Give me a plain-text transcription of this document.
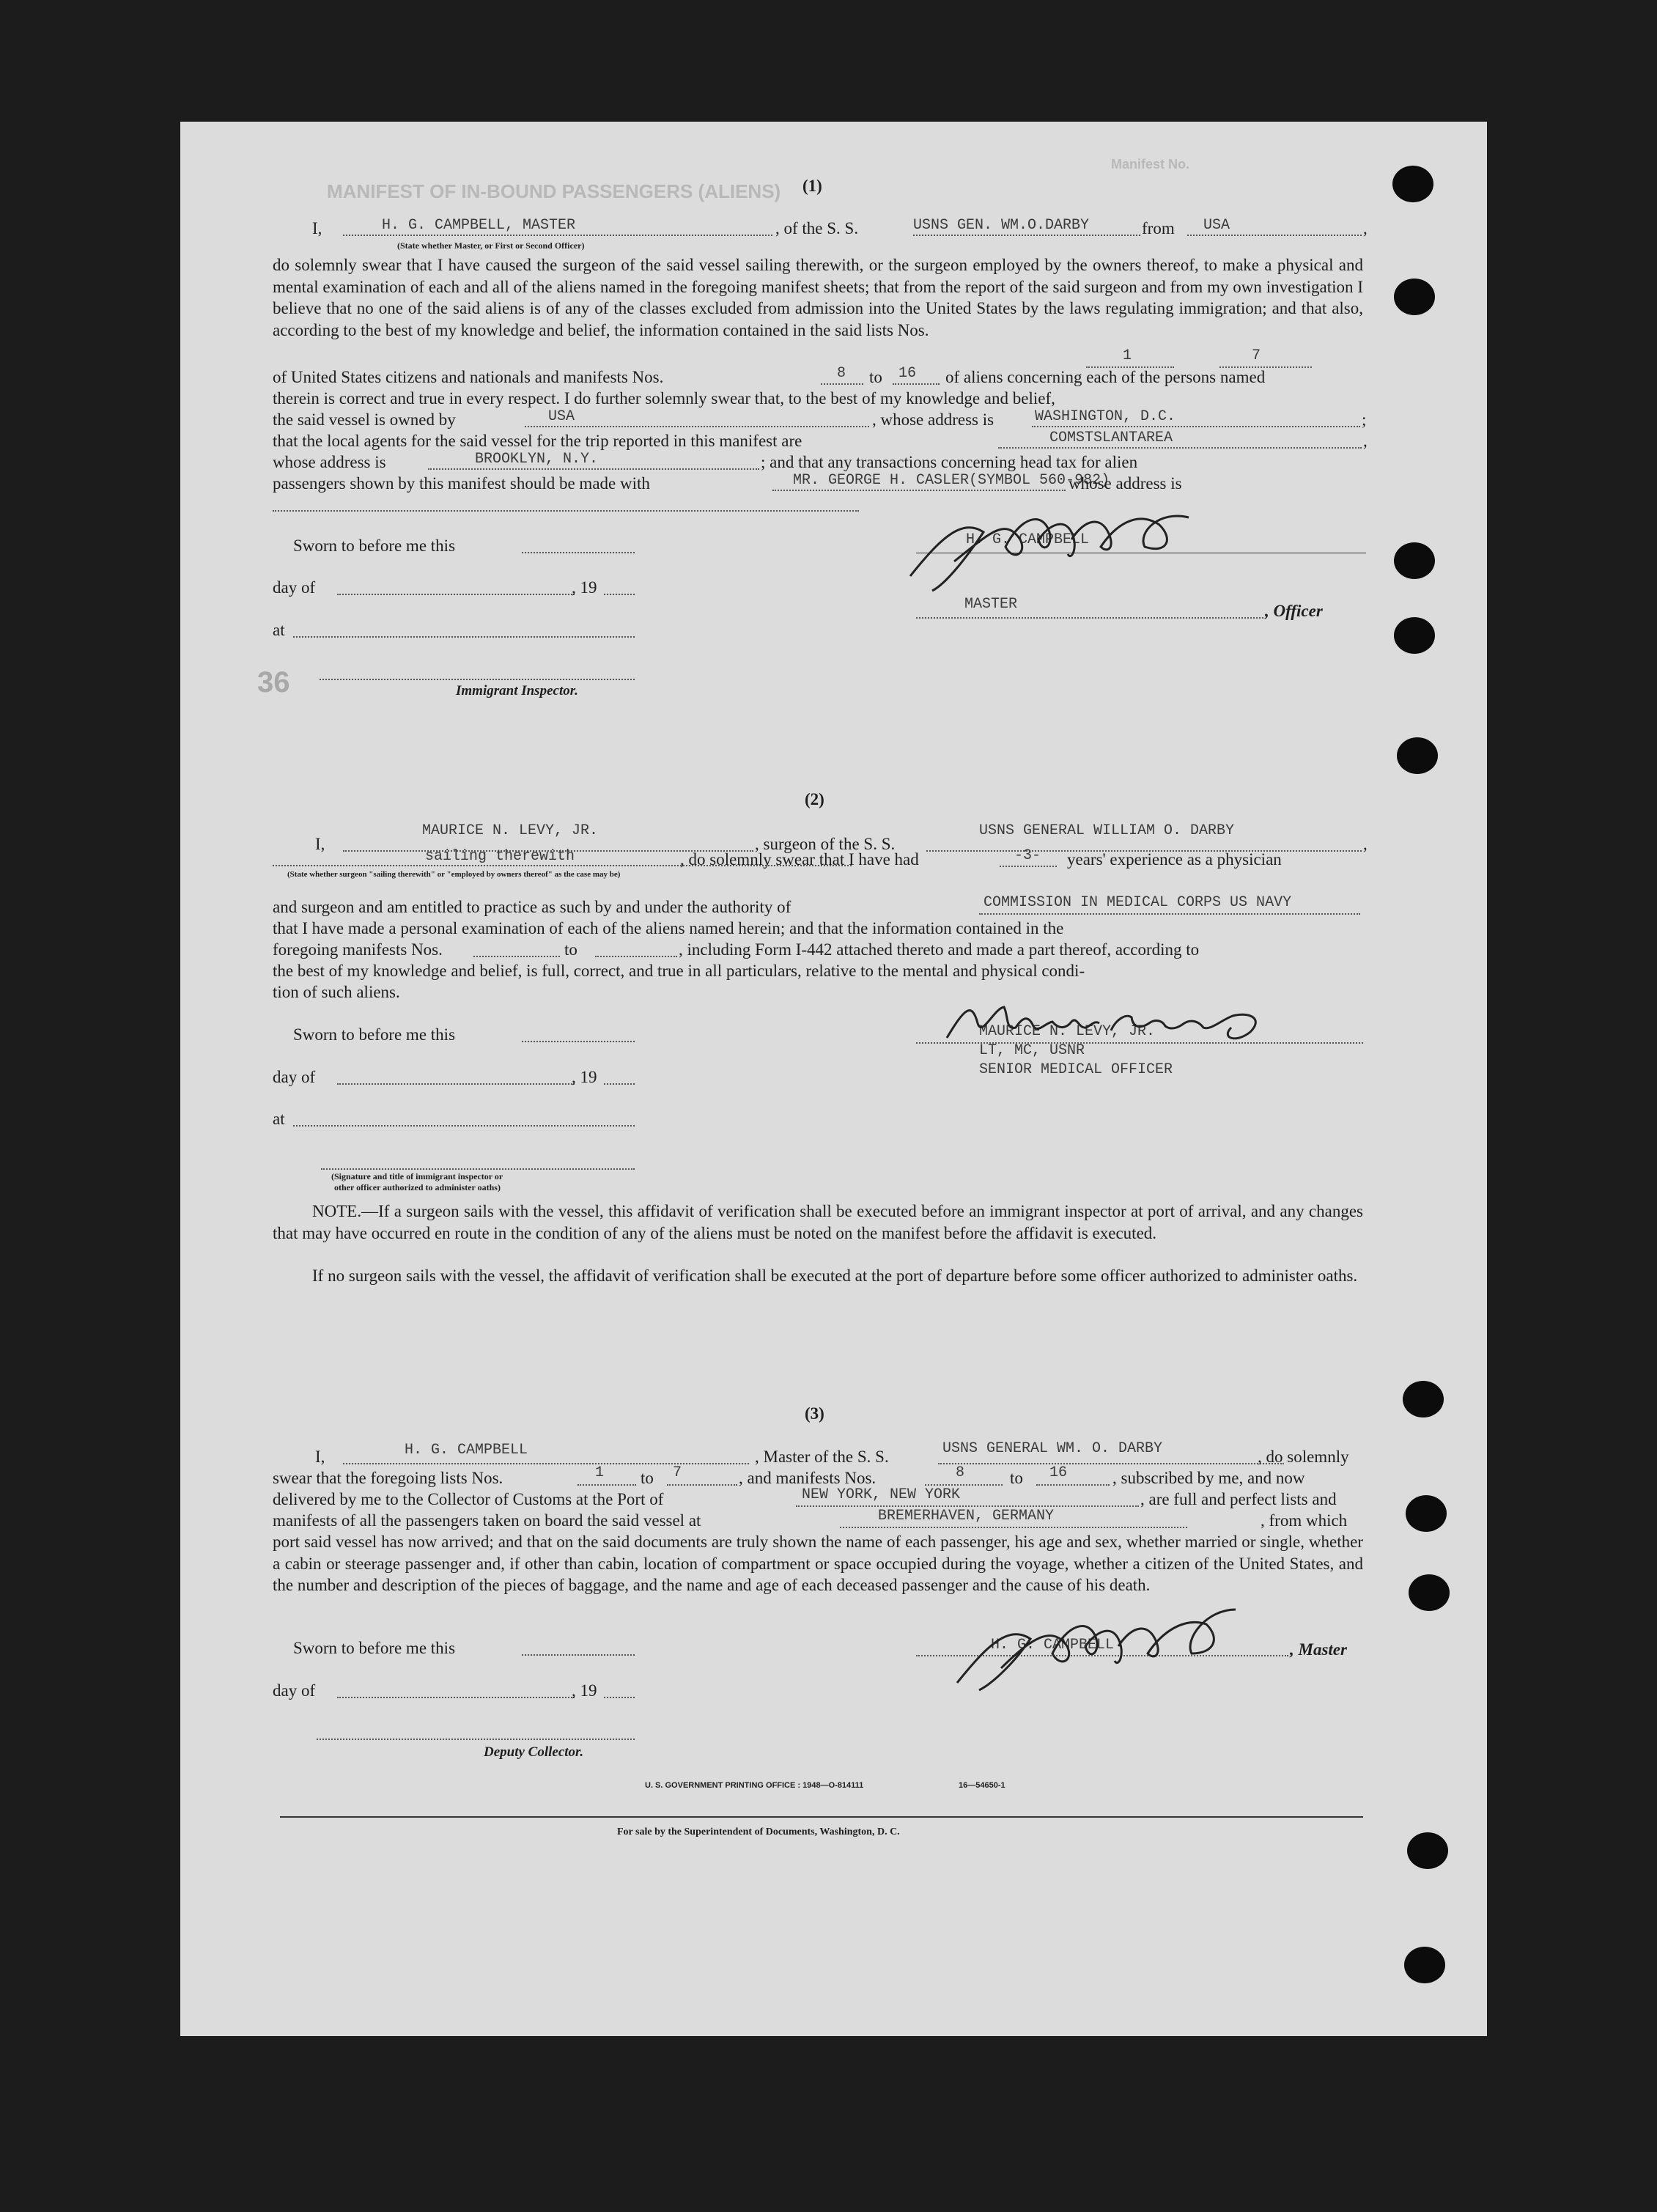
MANIFEST OF IN-BOUND PASSENGERS (ALIENS)
Manifest No.
36
(1)
I,	H. G. CAMPBELL, MASTER
(State whether Master, or First or Second Officer)
, of the S. S.	USNS GEN. WM.O.DARBY	from USA	,
do solemnly swear that I have caused the surgeon of the said vessel sailing therewith, or the surgeon employed by the owners thereof, to make a physical and mental examination of each and all of the aliens named in the foregoing manifest sheets; that from the report of the said surgeon and from my own investigation I believe that no one of the said aliens is of any of the classes excluded from admission into the United States by the laws regulating immigration; and that also, according to the best of my knowledge and belief, the information contained in the said lists Nos.
1	7
of United States citizens and nationals and manifests Nos.	8 to 16 of aliens concerning each of the persons named
therein is correct and true in every respect. I do further solemnly swear that, to the best of my knowledge and belief,
the said vessel is owned by	USA	, whose address is	WASHINGTON, D.C.	;
that the local agents for the said vessel for the trip reported in this manifest are	COMSTSLANTAREA	,
whose address is	BROOKLYN, N.Y.	; and that any transactions concerning head tax for alien
passengers shown by this manifest should be made with	MR. GEORGE H. CASLER(SYMBOL 560-982)
whose address is
Sworn to before me this
day of	, 19
at
Immigrant Inspector.
H. G. CAMPBELL
MASTER	, Officer
(2)
I,
MAURICE N. LEVY, JR.
, surgeon of the S. S.
USNS GENERAL WILLIAM O. DARBY
,
sailing therewith
(State whether surgeon "sailing therewith" or "employed by owners thereof" as the case may be)
, do solemnly swear that I have had	-3- years' experience as a physician
and surgeon and am entitled to practice as such by and under the authority of	COMMISSION IN MEDICAL CORPS US NAVY
that I have made a personal examination of each of the aliens named herein; and that the information contained in the
foregoing manifests Nos.	to	, including Form I-442 attached thereto and made a part thereof, according to
the best of my knowledge and belief, is full, correct, and true in all particulars, relative to the mental and physical condi-
tion of such aliens.
Sworn to before me this
day of	, 19
at
(Signature and title of immigrant inspector or
other officer authorized to administer oaths)
MAURICE N. LEVY, JR.
LT, MC, USNR
SENIOR MEDICAL OFFICER
NOTE.—If a surgeon sails with the vessel, this affidavit of verification shall be executed before an immigrant inspector at port of arrival, and any changes that may have occurred en route in the condition of any of the aliens must be noted on the manifest before the affidavit is executed.
If no surgeon sails with the vessel, the affidavit of verification shall be executed at the port of departure before some officer authorized to administer oaths.
(3)
I,	H. G. CAMPBELL	, Master of the S. S.	USNS GENERAL WM. O. DARBY	, do solemnly
swear that the foregoing lists Nos.	1 to 7	, and manifests Nos.	8	to 16	, subscribed by me, and now
delivered by me to the Collector of Customs at the Port of	NEW YORK, NEW YORK	, are full and perfect lists and
manifests of all the passengers taken on board the said vessel at	BREMERHAVEN, GERMANY	, from which
port said vessel has now arrived; and that on the said documents are truly shown the name of each passenger, his age and sex, whether married or single, whether a cabin or steerage passenger and, if other than cabin, location of compartment or space occupied during the voyage, whether a citizen of the United States, and the number and description of the pieces of baggage, and the name and age of each deceased passenger and the cause of his death.
Sworn to before me this
day of	, 19
Deputy Collector.
H. G. CAMPBELL	, Master
U. S. GOVERNMENT PRINTING OFFICE : 1948—O-814111	16—54650-1
For sale by the Superintendent of Documents, Washington, D. C.
